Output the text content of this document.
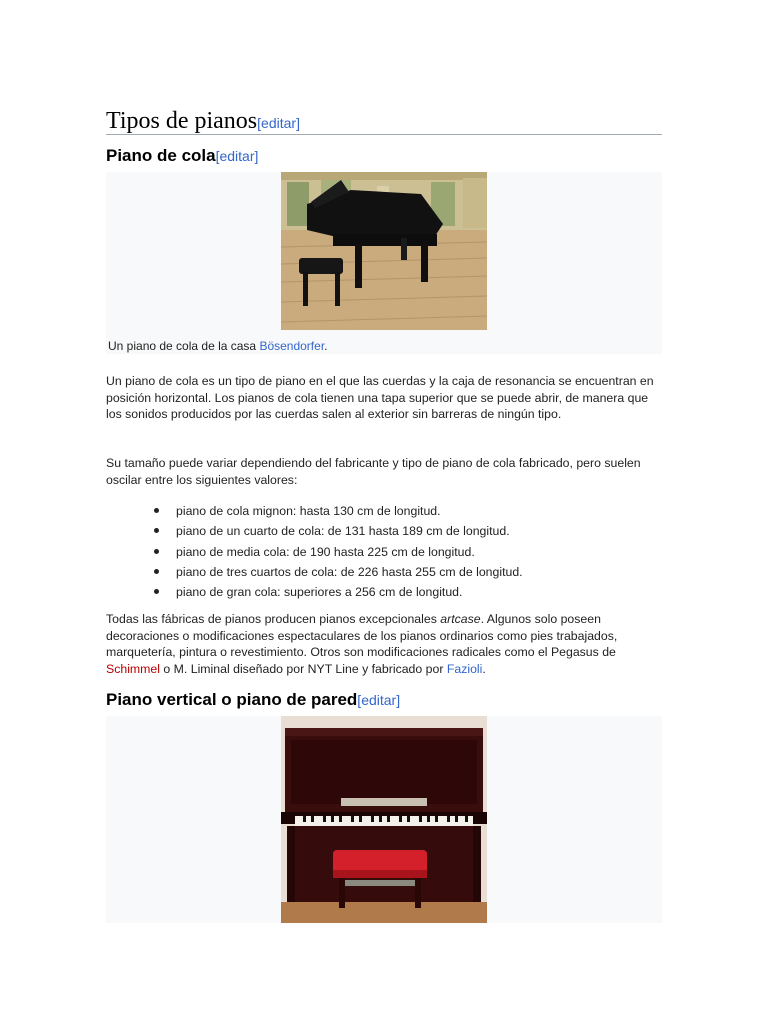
Tipos de pianos[editar]
Piano de cola[editar]
Un piano de cola de la casa Bösendorfer.
Un piano de cola es un tipo de piano en el que las cuerdas y la caja de resonancia se encuentran en posición horizontal. Los pianos de cola tienen una tapa superior que se puede abrir, de manera que los sonidos producidos por las cuerdas salen al exterior sin barreras de ningún tipo.
Su tamaño puede variar dependiendo del fabricante y tipo de piano de cola fabricado, pero suelen oscilar entre los siguientes valores:
piano de cola mignon: hasta 130 cm de longitud.
piano de un cuarto de cola: de 131 hasta 189 cm de longitud.
piano de media cola: de 190 hasta 225 cm de longitud.
piano de tres cuartos de cola: de 226 hasta 255 cm de longitud.
piano de gran cola: superiores a 256 cm de longitud.
Todas las fábricas de pianos producen pianos excepcionales artcase. Algunos solo poseen decoraciones o modificaciones espectaculares de los pianos ordinarios como pies trabajados, marquetería, pintura o revestimiento. Otros son modificaciones radicales como el Pegasus de Schimmel o M. Liminal diseñado por NYT Line y fabricado por Fazioli.
Piano vertical o piano de pared[editar]
